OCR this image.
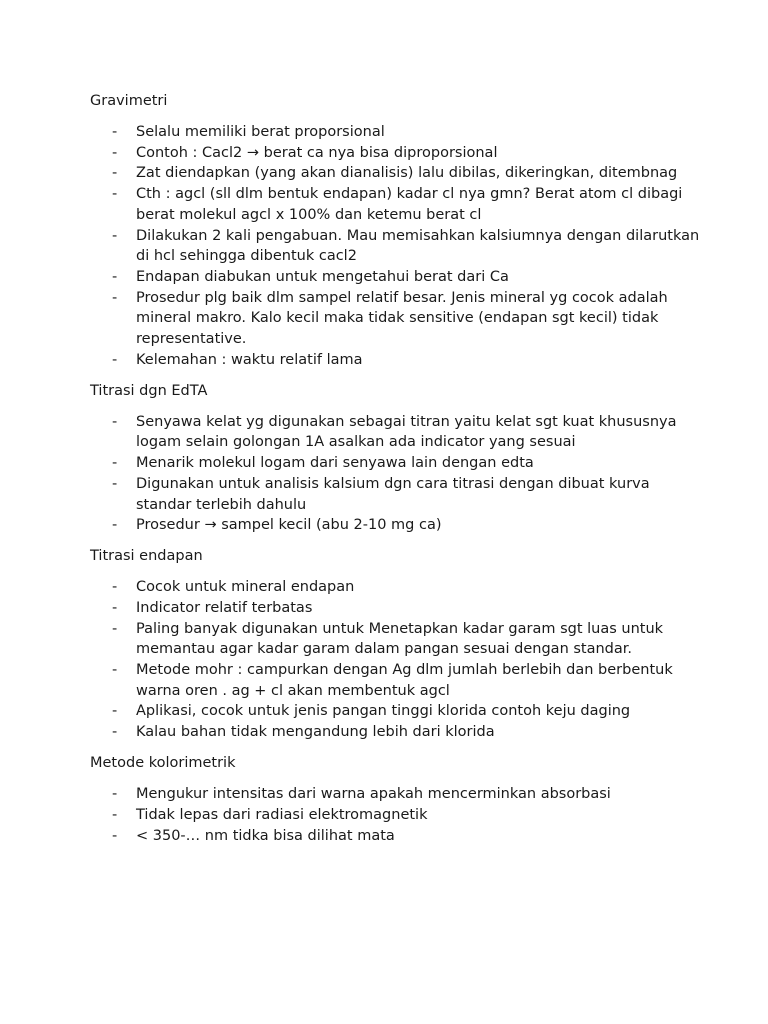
Gravimetri

- Selalu memiliki berat proporsional
- Contoh : Cacl2 → berat ca nya bisa diproporsional
- Zat diendapkan (yang akan dianalisis) lalu dibilas, dikeringkan, ditembnag
- Cth : agcl (sll dlm bentuk endapan) kadar cl nya gmn? Berat atom cl dibagi berat molekul agcl x 100% dan ketemu berat cl
- Dilakukan 2 kali pengabuan. Mau memisahkan kalsiumnya dengan dilarutkan di hcl sehingga dibentuk cacl2
- Endapan diabukan untuk mengetahui berat dari Ca
- Prosedur plg baik dlm sampel relatif besar. Jenis mineral yg cocok adalah mineral makro. Kalo kecil maka tidak sensitive (endapan sgt kecil) tidak representative.
- Kelemahan : waktu relatif lama

Titrasi dgn EdTA

- Senyawa kelat yg digunakan sebagai titran yaitu kelat sgt kuat khususnya logam selain golongan 1A asalkan ada indicator yang sesuai
- Menarik molekul logam dari senyawa lain dengan edta
- Digunakan untuk analisis kalsium dgn cara titrasi dengan dibuat kurva standar terlebih dahulu
- Prosedur → sampel kecil (abu 2-10 mg ca)

Titrasi endapan

- Cocok untuk mineral endapan
- Indicator relatif terbatas
- Paling banyak digunakan untuk Menetapkan kadar garam sgt luas untuk memantau agar kadar garam dalam pangan sesuai dengan standar.
- Metode mohr : campurkan dengan Ag dlm jumlah berlebih dan berbentuk warna oren . ag + cl akan membentuk agcl
- Aplikasi, cocok untuk jenis pangan tinggi klorida contoh keju daging
- Kalau bahan tidak mengandung lebih dari klorida

Metode kolorimetrik

- Mengukur intensitas dari warna apakah mencerminkan absorbasi
- Tidak lepas dari radiasi elektromagnetik
- < 350-… nm tidka bisa dilihat mata
